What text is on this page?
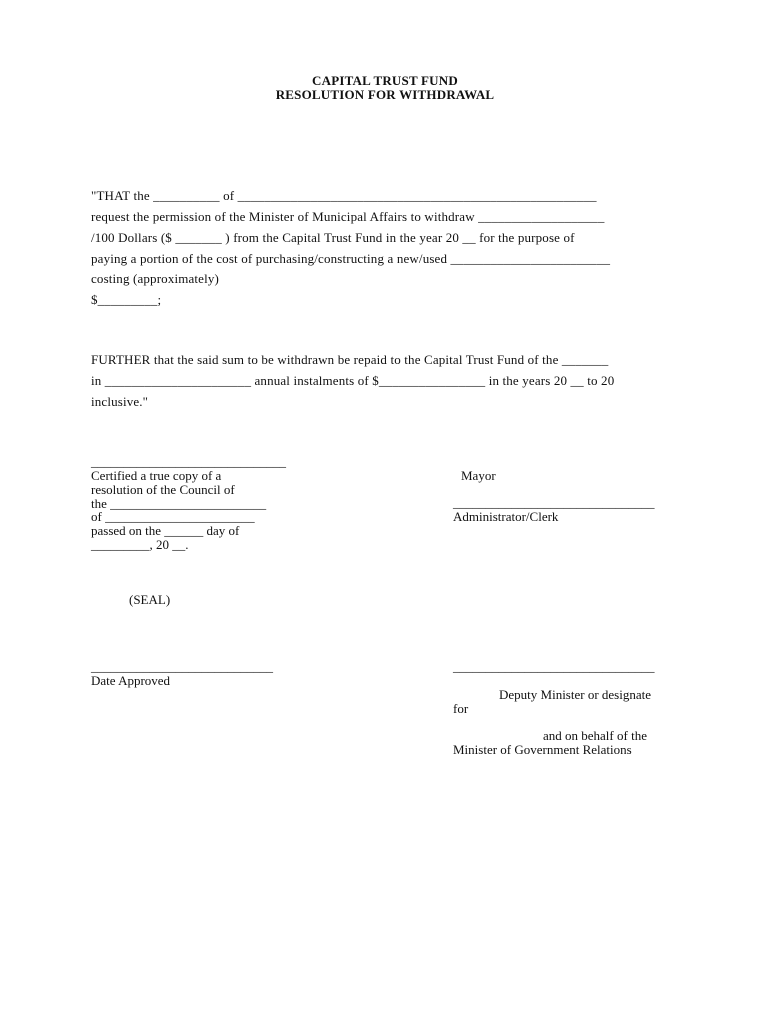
CAPITAL TRUST FUND
RESOLUTION FOR WITHDRAWAL
"THAT the __________ of ______________________________________________________
request the permission of the Minister of Municipal Affairs to withdraw ___________________
/100 Dollars ($ _______ ) from the Capital Trust Fund in the year 20 __ for the purpose of
paying a portion of the cost of purchasing/constructing a new/used ________________________
costing (approximately)
$_________;
FURTHER that the said sum to be withdrawn be repaid to the Capital Trust Fund of the _______
in ______________________ annual instalments of $________________ in the years 20 __ to 20
inclusive."
______________________________
Certified a true copy of a
resolution of the Council of
the ________________________
of _______________________
passed on the ______ day of
_________, 20 __.
Mayor
_______________________________
Administrator/Clerk
(SEAL)
____________________________
Date Approved
_______________________________
Deputy Minister or designate
for
and on behalf of the
Minister of Government Relations
